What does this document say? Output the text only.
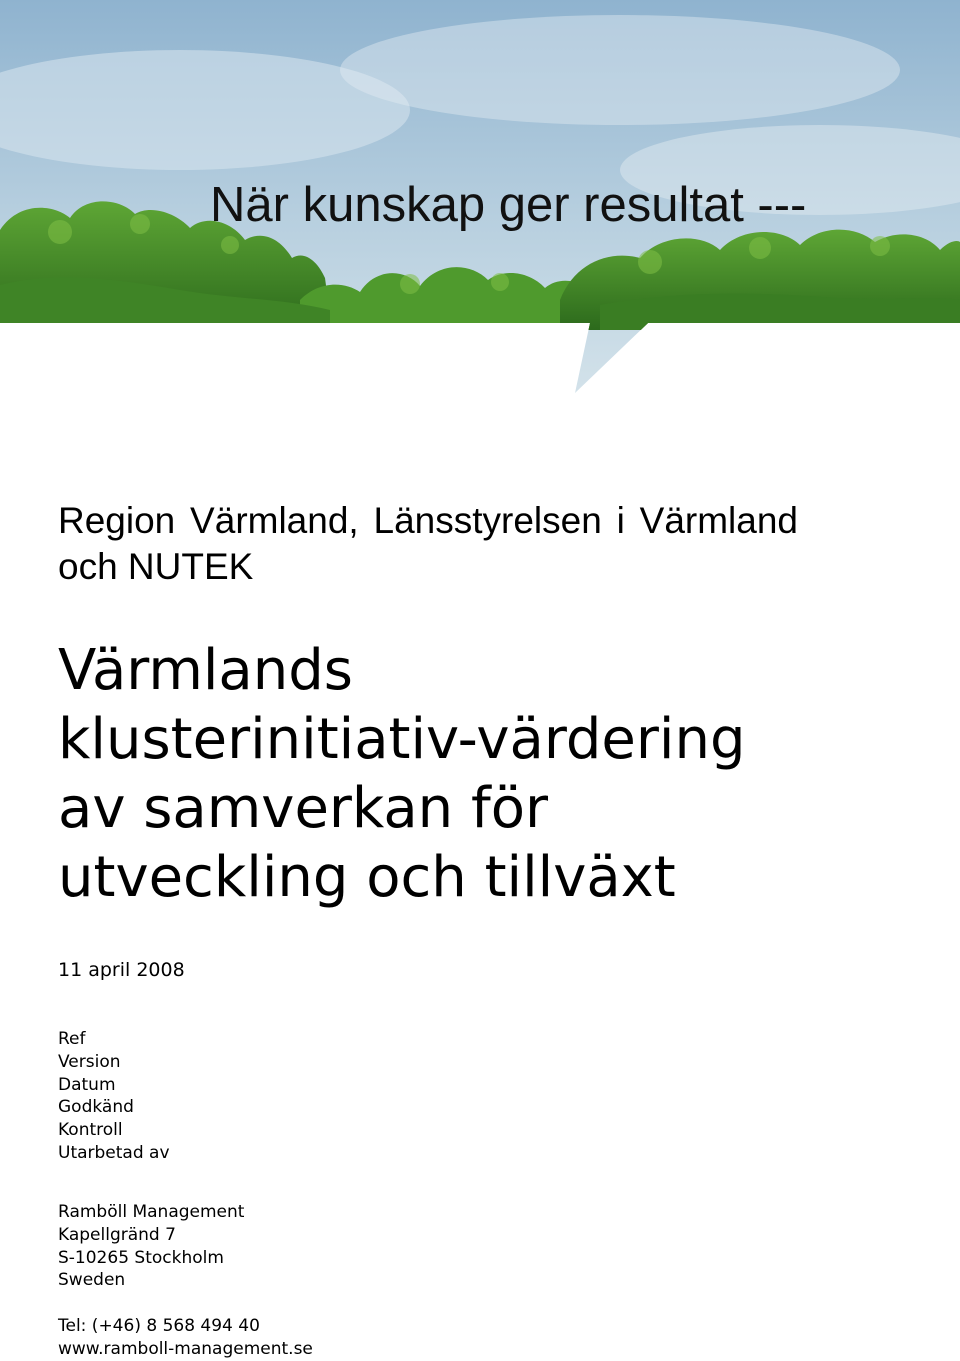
När kunskap ger resultat ---

Region Värmland, Länsstyrelsen i Värmland och NUTEK

Värmlands
klusterinitiativ-värdering
av samverkan för
utveckling och tillväxt

11 april 2008

Ref
Version
Datum
Godkänd
Kontroll
Utarbetad av
Ramböll Management
Kapellgränd 7
S-10265 Stockholm
Sweden
Tel: (+46) 8 568 494 40
www.ramboll-management.se
